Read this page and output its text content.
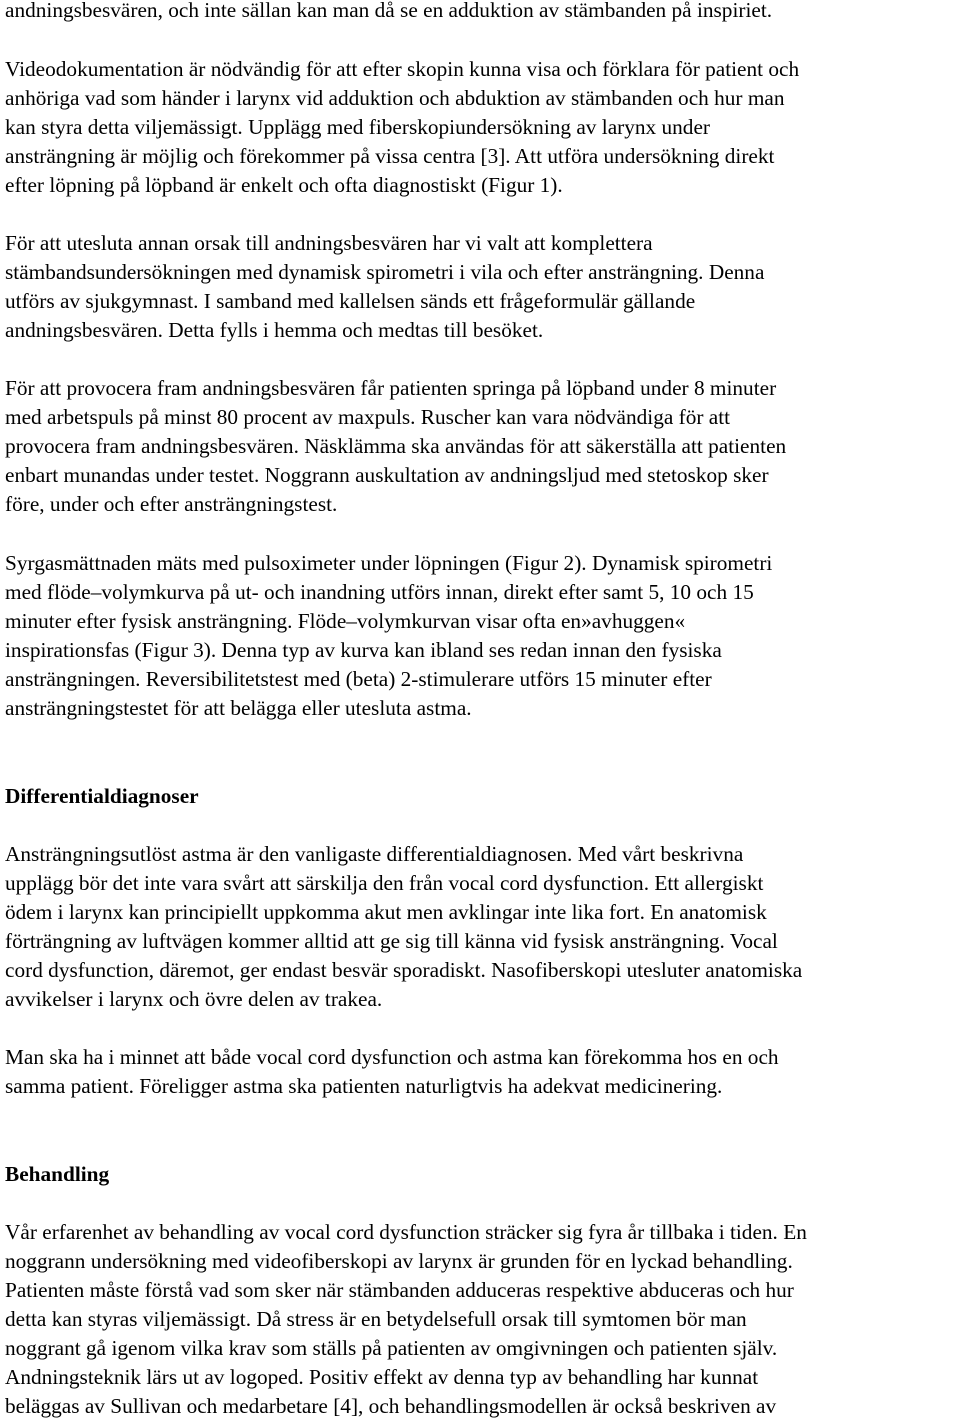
andningsbesvären, och inte sällan kan man då se en adduktion av stämbanden på inspiriet.

Videodokumentation är nödvändig för att efter skopin kunna visa och förklara för patient och

anhöriga vad som händer i larynx vid adduktion och abduktion av stämbanden och hur man

kan styra detta viljemässigt. Upplägg med fiberskopiundersökning av larynx under

ansträngning är möjlig och förekommer på vissa centra [3]. Att utföra undersökning direkt

efter löpning på löpband är enkelt och ofta diagnostiskt (Figur 1).

För att utesluta annan orsak till andningsbesvären har vi valt att komplettera

stämbandsundersökningen med dynamisk spirometri i vila och efter ansträngning. Denna

utförs av sjukgymnast. I samband med kallelsen sänds ett frågeformulär gällande

andningsbesvären. Detta fylls i hemma och medtas till besöket.

För att provocera fram andningsbesvären får patienten springa på löpband under 8 minuter

med arbetspuls på minst 80 procent av maxpuls. Ruscher kan vara nödvändiga för att

provocera fram andningsbesvären. Näsklämma ska användas för att säkerställa att patienten

enbart munandas under testet. Noggrann auskultation av andningsljud med stetoskop sker

före, under och efter ansträngningstest.

Syrgasmättnaden mäts med pulsoximeter under löpningen (Figur 2). Dynamisk spirometri

med flöde–volymkurva på ut- och inandning utförs innan, direkt efter samt 5, 10 och 15

minuter efter fysisk ansträngning. Flöde–volymkurvan visar ofta en»avhuggen«

inspirationsfas (Figur 3). Denna typ av kurva kan ibland ses redan innan den fysiska

ansträngningen. Reversibilitetstest med (beta) 2-stimulerare utförs 15 minuter efter

ansträngningstestet för att belägga eller utesluta astma.

Differentialdiagnoser

Ansträngningsutlöst astma är den vanligaste differentialdiagnosen. Med vårt beskrivna

upplägg bör det inte vara svårt att särskilja den från vocal cord dysfunction. Ett allergiskt

ödem i larynx kan principiellt uppkomma akut men avklingar inte lika fort. En anatomisk

förträngning av luftvägen kommer alltid att ge sig till känna vid fysisk ansträngning. Vocal

cord dysfunction, däremot, ger endast besvär sporadiskt. Nasofiberskopi utesluter anatomiska

avvikelser i larynx och övre delen av trakea.

Man ska ha i minnet att både vocal cord dysfunction och astma kan förekomma hos en och

samma patient. Föreligger astma ska patienten naturligtvis ha adekvat medicinering.

Behandling

Vår erfarenhet av behandling av vocal cord dysfunction sträcker sig fyra år tillbaka i tiden. En

noggrann undersökning med videofiberskopi av larynx är grunden för en lyckad behandling.

Patienten måste förstå vad som sker när stämbanden adduceras respektive abduceras och hur

detta kan styras viljemässigt. Då stress är en betydelsefull orsak till symtomen bör man

noggrant gå igenom vilka krav som ställs på patienten av omgivningen och patienten själv.

Andningsteknik lärs ut av logoped. Positiv effekt av denna typ av behandling har kunnat

beläggas av Sullivan och medarbetare [4], och behandlingsmodellen är också beskriven av
